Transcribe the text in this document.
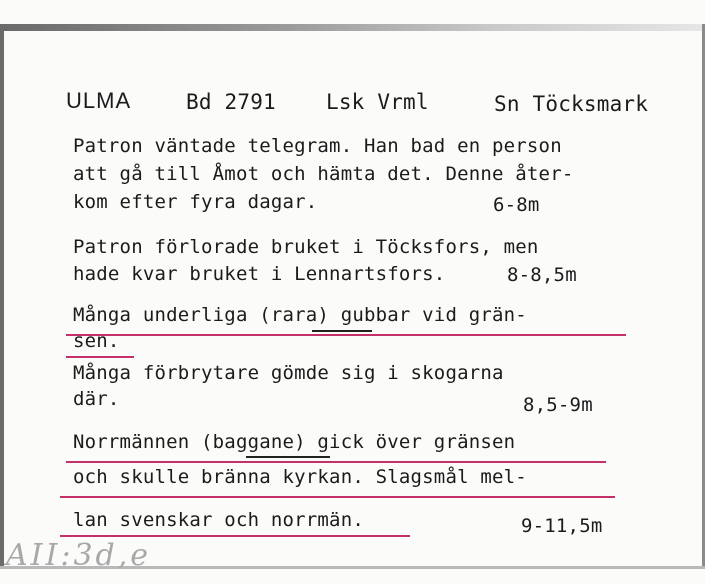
ULMA	Bd 2791 Lsk Vrml	Sn Töcksmark
Patron väntade telegram. Han bad en person
att gå till Åmot och hämta det. Denne åter-
kom efter fyra dagar.	6-8m
Patron förlorade bruket i Töcksfors, men
hade kvar bruket i Lennartsfors.	8-8,5m
Många underliga (rara) gubbar vid grän-
sen.
Många förbrytare gömde sig i skogarna
där.	8,5-9m
Norrmännen (baggane) gick över gränsen
och skulle bränna kyrkan. Slagsmål mel-
lan svenskar och norrmän.	9-11,5m
AII:3d,e
